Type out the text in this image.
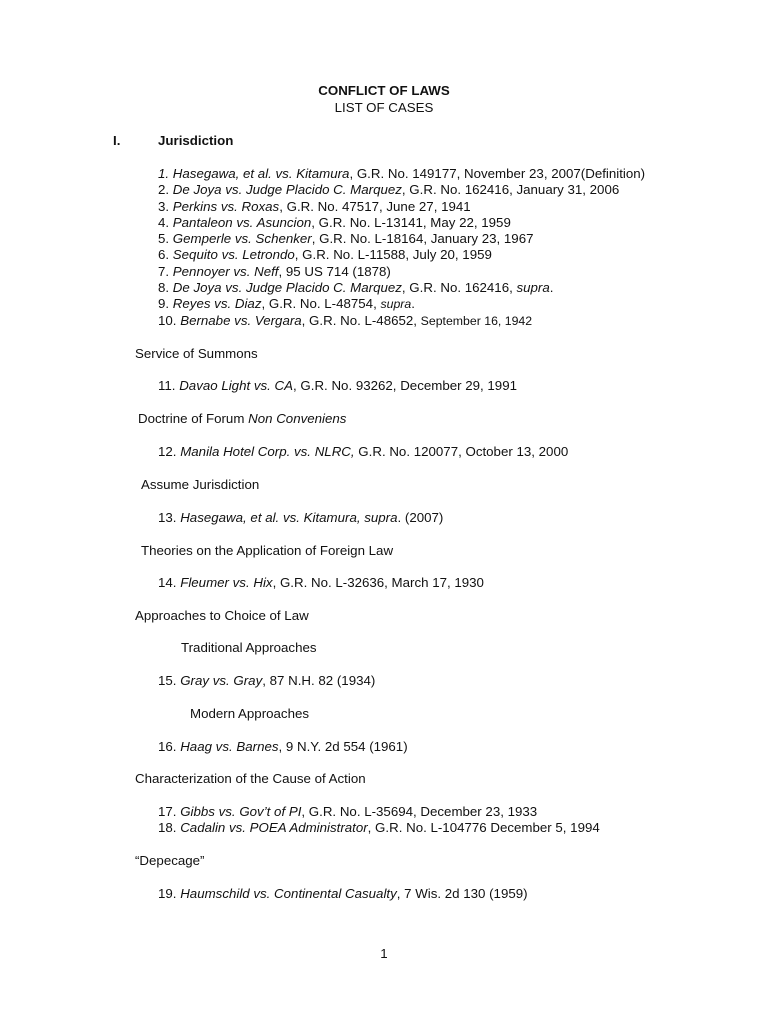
CONFLICT OF LAWS
LIST OF CASES
I.	Jurisdiction
1. Hasegawa, et al. vs. Kitamura, G.R. No. 149177, November 23, 2007(Definition)
2. De Joya vs. Judge Placido C. Marquez, G.R. No. 162416, January 31, 2006
3. Perkins vs. Roxas, G.R. No. 47517, June 27, 1941
4. Pantaleon vs. Asuncion, G.R. No. L-13141, May 22, 1959
5. Gemperle vs. Schenker, G.R. No. L-18164, January 23, 1967
6. Sequito vs. Letrondo, G.R. No. L-11588, July 20, 1959
7. Pennoyer vs. Neff, 95 US 714 (1878)
8. De Joya vs. Judge Placido C. Marquez, G.R. No. 162416, supra.
9. Reyes vs. Diaz, G.R. No. L-48754, supra.
10. Bernabe vs. Vergara, G.R. No. L-48652, September 16, 1942
Service of Summons
11. Davao Light vs. CA, G.R. No. 93262, December 29, 1991
Doctrine of Forum Non Conveniens
12. Manila Hotel Corp. vs. NLRC, G.R. No. 120077, October 13, 2000
Assume Jurisdiction
13. Hasegawa, et al. vs. Kitamura, supra. (2007)
Theories on the Application of Foreign Law
14. Fleumer vs. Hix, G.R. No. L-32636, March 17, 1930
Approaches to Choice of Law
Traditional Approaches
15. Gray vs. Gray, 87 N.H. 82 (1934)
Modern Approaches
16. Haag vs. Barnes, 9 N.Y. 2d 554 (1961)
Characterization of the Cause of Action
17. Gibbs vs. Gov’t of PI, G.R. No. L-35694, December 23, 1933
18. Cadalin vs. POEA Administrator, G.R. No. L-104776 December 5, 1994
“Depecage”
19. Haumschild vs. Continental Casualty, 7 Wis. 2d 130 (1959)
1
